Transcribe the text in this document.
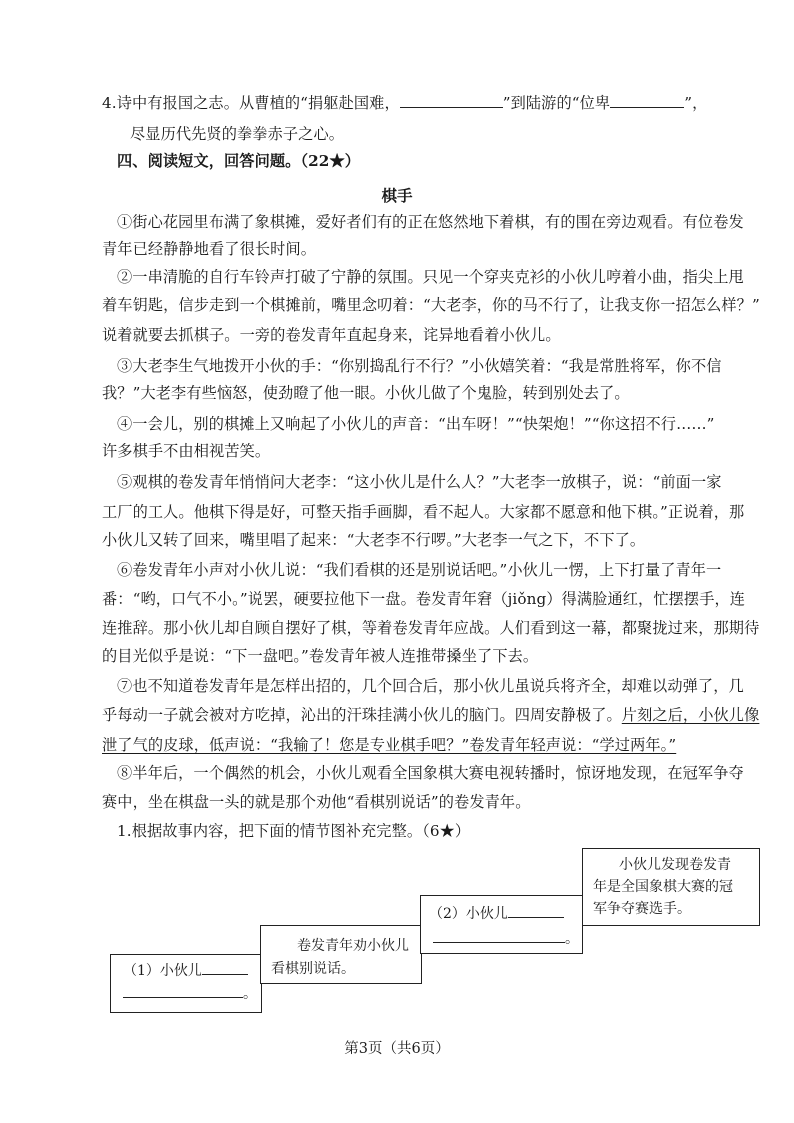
4.诗中有报国之志。从曹植的“捐躯赴国难，	”到陆游的“位卑	”，
尽显历代先贤的拳拳赤子之心。
四、阅读短文，回答问题。（22★）
棋手
①街心花园里布满了象棋摊，爱好者们有的正在悠然地下着棋，有的围在旁边观看。有位卷发
青年已经静静地看了很长时间。
②一串清脆的自行车铃声打破了宁静的氛围。只见一个穿夹克衫的小伙儿哼着小曲，指尖上甩
着车钥匙，信步走到一个棋摊前，嘴里念叨着：“大老李，你的马不行了，让我支你一招怎么样？”
说着就要去抓棋子。一旁的卷发青年直起身来，诧异地看着小伙儿。
③大老李生气地拨开小伙的手：“你别捣乱行不行？”小伙嬉笑着：“我是常胜将军，你不信
我？”大老李有些恼怒，使劲瞪了他一眼。小伙儿做了个鬼脸，转到别处去了。
④一会儿，别的棋摊上又响起了小伙儿的声音：“出车呀！”“快架炮！”“你这招不行……”
许多棋手不由相视苦笑。
⑤观棋的卷发青年悄悄问大老李：“这小伙儿是什么人？”大老李一放棋子，说：“前面一家
工厂的工人。他棋下得是好，可整天指手画脚，看不起人。大家都不愿意和他下棋。”正说着，那
小伙儿又转了回来，嘴里唱了起来：“大老李不行啰。”大老李一气之下，不下了。
⑥卷发青年小声对小伙儿说：“我们看棋的还是别说话吧。”小伙儿一愣，上下打量了青年一
番：“哟，口气不小。”说罢，硬要拉他下一盘。卷发青年窘（jiǒng）得满脸通红，忙摆摆手，连
连推辞。那小伙儿却自顾自摆好了棋，等着卷发青年应战。人们看到这一幕，都聚拢过来，那期待
的目光似乎是说：“下一盘吧。”卷发青年被人连推带搡坐了下去。
⑦也不知道卷发青年是怎样出招的，几个回合后，那小伙儿虽说兵将齐全，却难以动弹了，几
乎每动一子就会被对方吃掉，沁出的汗珠挂满小伙儿的脑门。四周安静极了。片刻之后，小伙儿像
泄了气的皮球，低声说：“我输了！您是专业棋手吧？”卷发青年轻声说：“学过两年。”
⑧半年后，一个偶然的机会，小伙儿观看全国象棋大赛电视转播时，惊讶地发现，在冠军争夺
赛中，坐在棋盘一头的就是那个劝他“看棋别说话”的卷发青年。
1.根据故事内容，把下面的情节图补充完整。（6★）
（1）小伙儿
。
卷发青年劝小伙儿
看棋别说话。
（2）小伙儿
。
小伙儿发现卷发青
年是全国象棋大赛的冠
军争夺赛选手。
第3页（共6页）
